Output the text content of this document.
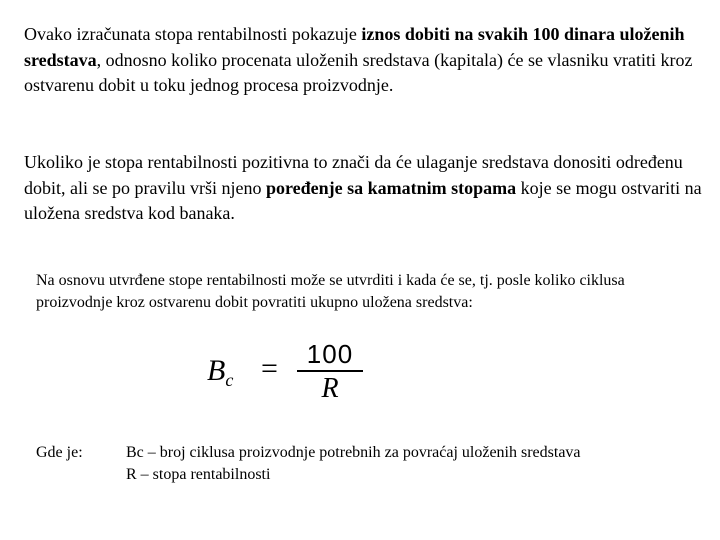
Ovako izračunata stopa rentabilnosti pokazuje iznos dobiti na svakih 100 dinara uloženih sredstava, odnosno koliko procenata uloženih sredstava (kapitala) će se vlasniku vratiti kroz ostvarenu dobit u toku jednog procesa proizvodnje.

Ukoliko je stopa rentabilnosti pozitivna to znači da će ulaganje sredstava donositi određenu dobit, ali se po pravilu vrši njeno poređenje sa kamatnim stopama koje se mogu ostvariti na uložena sredstva kod banaka.

Na osnovu utvrđene stope rentabilnosti može se utvrditi i kada će se, tj. posle koliko ciklusa proizvodnje kroz ostvarenu dobit povratiti ukupno uložena sredstva:

$B_c$ =	100
R
Gde je:	Bc – broj ciklusa proizvodnje potrebnih za povraćaj uloženih sredstava
R – stopa rentabilnosti
